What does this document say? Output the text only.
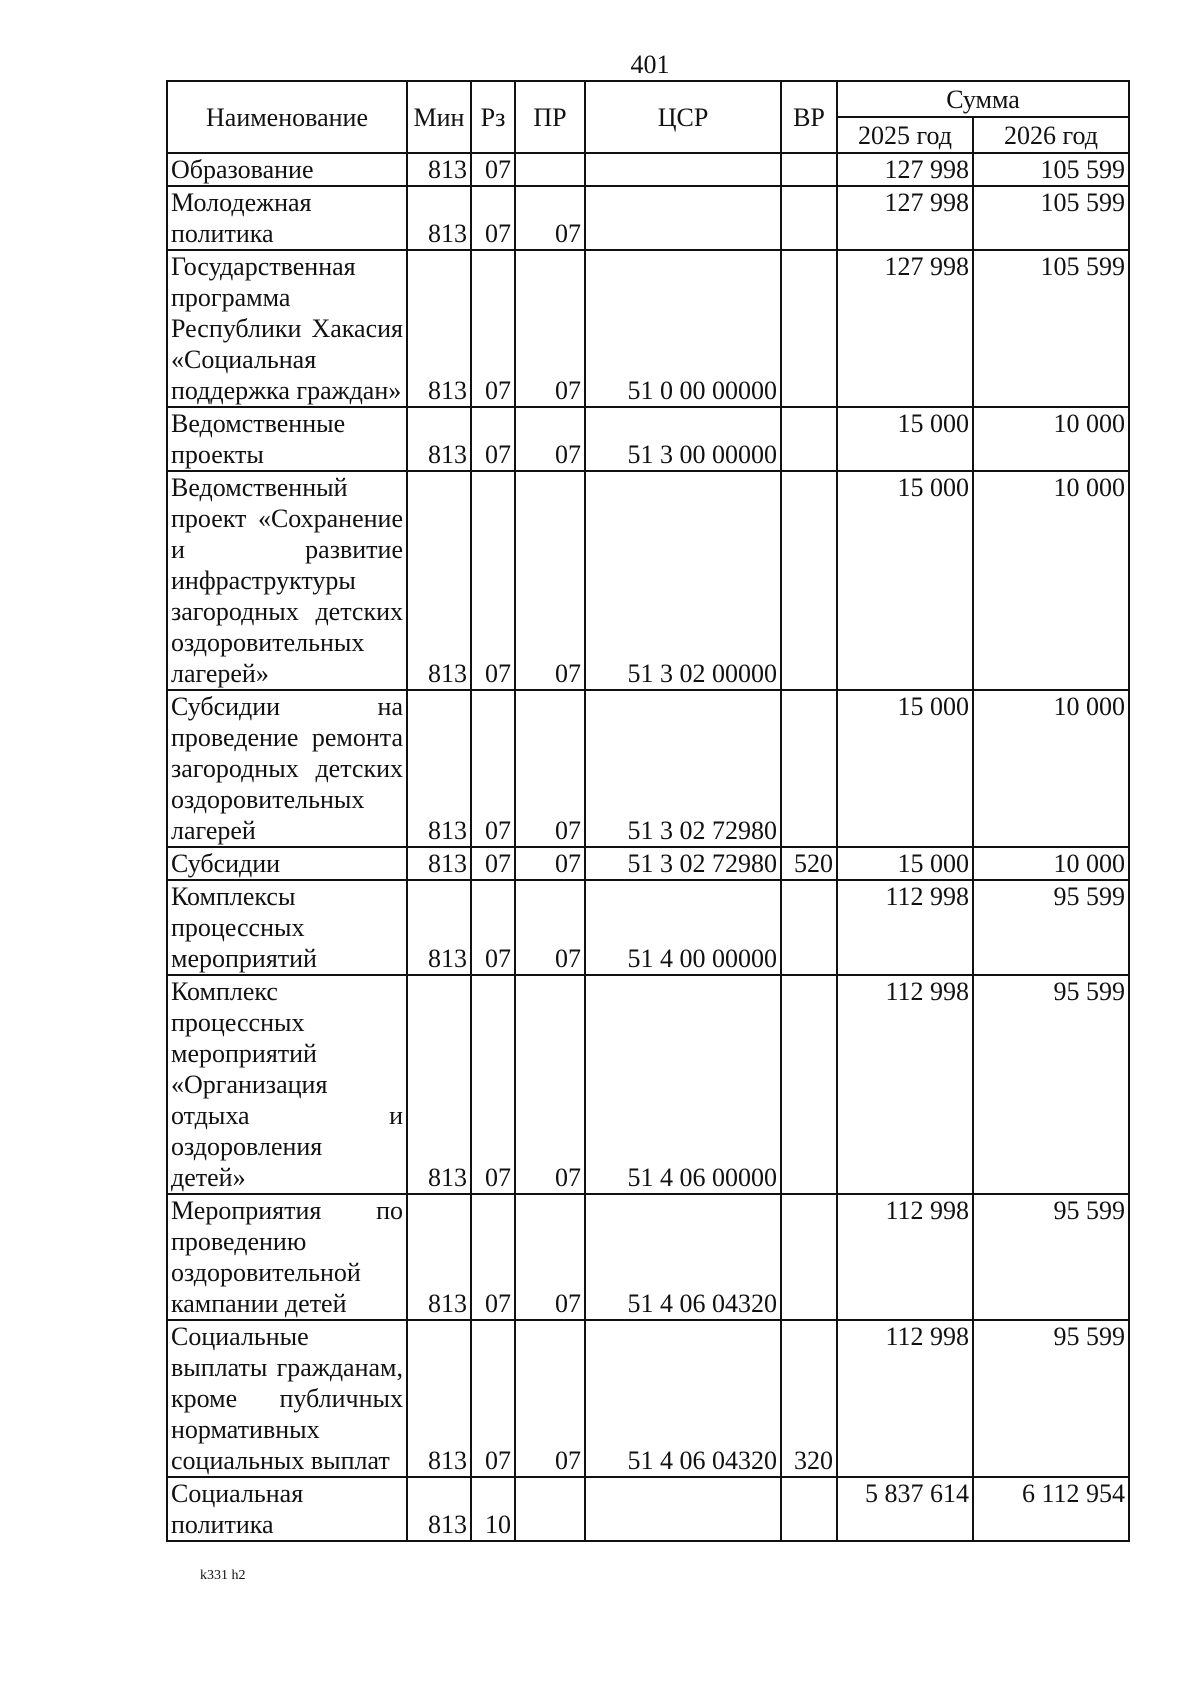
401
Наименование	Мин	Рз	ПР	ЦСР	ВР	Сумма	
						2025 год	2026 год
Образование	813	07				127 998	105 599
Молодежная политика	813	07	07			127 998	105 599
Государственная программа Республики Хакасия «Социальная поддержка граждан»	813	07	07	51 0 00 00000		127 998	105 599
Ведомственные проекты	813	07	07	51 3 00 00000		15 000	10 000
Ведомственный проект «Сохранение и развитие инфраструктуры загородных детских оздоровительных лагерей»	813	07	07	51 3 02 00000		15 000	10 000
Субсидии на проведение ремонта загородных детских оздоровительных лагерей	813	07	07	51 3 02 72980		15 000	10 000
Субсидии	813	07	07	51 3 02 72980	520	15 000	10 000
Комплексы процессных мероприятий	813	07	07	51 4 00 00000		112 998	95 599
Комплекс процессных мероприятий «Организация отдыха и оздоровления детей»	813	07	07	51 4 06 00000		112 998	95 599
Мероприятия по проведению оздоровительной кампании детей	813	07	07	51 4 06 04320		112 998	95 599
Социальные выплаты гражданам, кроме публичных нормативных социальных выплат	813	07	07	51 4 06 04320	320	112 998	95 599
Социальная политика	813	10				5 837 614	6 112 954
k331 h2
